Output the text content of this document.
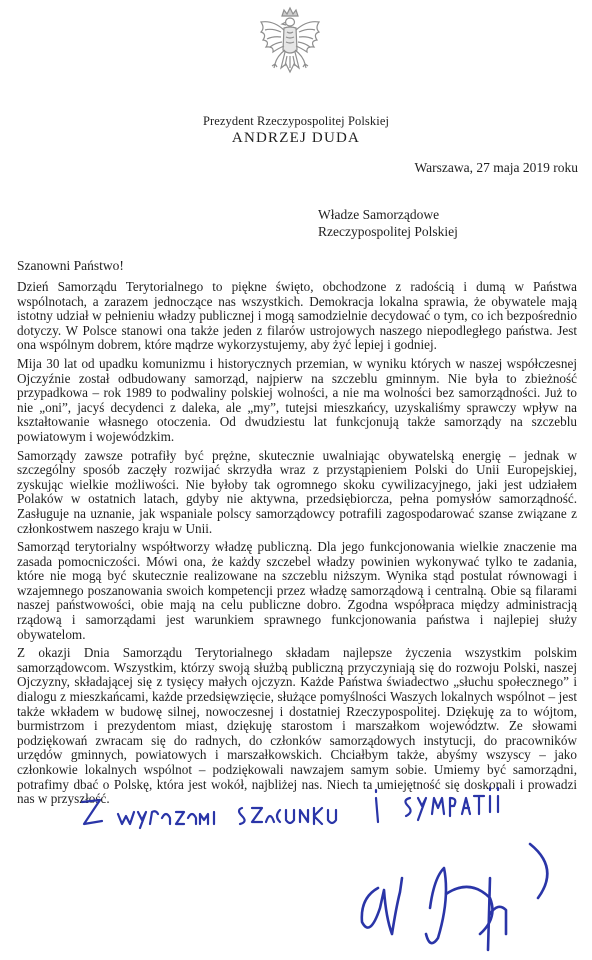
Prezydent Rzeczypospolitej Polskiej
ANDRZEJ DUDA
Warszawa, 27 maja 2019 roku
Władze Samorządowe
Rzeczypospolitej Polskiej
Szanowni Państwo!

Dzień Samorządu Terytorialnego to piękne święto, obchodzone z radością i dumą w Państwa wspólnotach, a zarazem jednoczące nas wszystkich. Demokracja lokalna sprawia, że obywatele mają istotny udział w pełnieniu władzy publicznej i mogą samodzielnie decydować o tym, co ich bezpośrednio dotyczy. W Polsce stanowi ona także jeden z filarów ustrojowych naszego niepodległego państwa. Jest ona wspólnym dobrem, które mądrze wykorzystujemy, aby żyć lepiej i godniej.

Mija 30 lat od upadku komunizmu i historycznych przemian, w wyniku których w naszej współczesnej Ojczyźnie został odbudowany samorząd, najpierw na szczeblu gminnym. Nie była to zbieżność przypadkowa – rok 1989 to podwaliny polskiej wolności, a nie ma wolności bez samorządności. Już to nie „oni”, jacyś decydenci z daleka, ale „my”, tutejsi mieszkańcy, uzyskaliśmy sprawczy wpływ na kształtowanie własnego otoczenia. Od dwudziestu lat funkcjonują także samorządy na szczeblu powiatowym i wojewódzkim.

Samorządy zawsze potrafiły być prężne, skutecznie uwalniając obywatelską energię – jednak w szczególny sposób zaczęły rozwijać skrzydła wraz z przystąpieniem Polski do Unii Europejskiej, zyskując wielkie możliwości. Nie byłoby tak ogromnego skoku cywilizacyjnego, jaki jest udziałem Polaków w ostatnich latach, gdyby nie aktywna, przedsiębiorcza, pełna pomysłów samorządność. Zasługuje na uznanie, jak wspaniale polscy samorządowcy potrafili zagospodarować szanse związane z członkostwem naszego kraju w Unii.

Samorząd terytorialny współtworzy władzę publiczną. Dla jego funkcjonowania wielkie znaczenie ma zasada pomocniczości. Mówi ona, że każdy szczebel władzy powinien wykonywać tylko te zadania, które nie mogą być skutecznie realizowane na szczeblu niższym. Wynika stąd postulat równowagi i wzajemnego poszanowania swoich kompetencji przez władzę samorządową i centralną. Obie są filarami naszej państwowości, obie mają na celu publiczne dobro. Zgodna współpraca między administracją rządową i samorządami jest warunkiem sprawnego funkcjonowania państwa i najlepiej służy obywatelom.

Z okazji Dnia Samorządu Terytorialnego składam najlepsze życzenia wszystkim polskim samorządowcom. Wszystkim, którzy swoją służbą publiczną przyczyniają się do rozwoju Polski, naszej Ojczyzny, składającej się z tysięcy małych ojczyzn. Każde Państwa świadectwo „słuchu społecznego” i dialogu z mieszkańcami, każde przedsięwzięcie, służące pomyślności Waszych lokalnych wspólnot – jest także wkładem w budowę silnej, nowoczesnej i dostatniej Rzeczypospolitej. Dziękuję za to wójtom, burmistrzom i prezydentom miast, dziękuję starostom i marszałkom województw. Ze słowami podziękowań zwracam się do radnych, do członków samorządowych instytucji, do pracowników urzędów gminnych, powiatowych i marszałkowskich. Chciałbym także, abyśmy wszyscy – jako członkowie lokalnych wspólnot – podziękowali nawzajem samym sobie. Umiemy być samorządni, potrafimy dbać o Polskę, która jest wokół, najbliżej nas. Niech ta umiejętność się doskonali i prowadzi nas w przyszłość.
